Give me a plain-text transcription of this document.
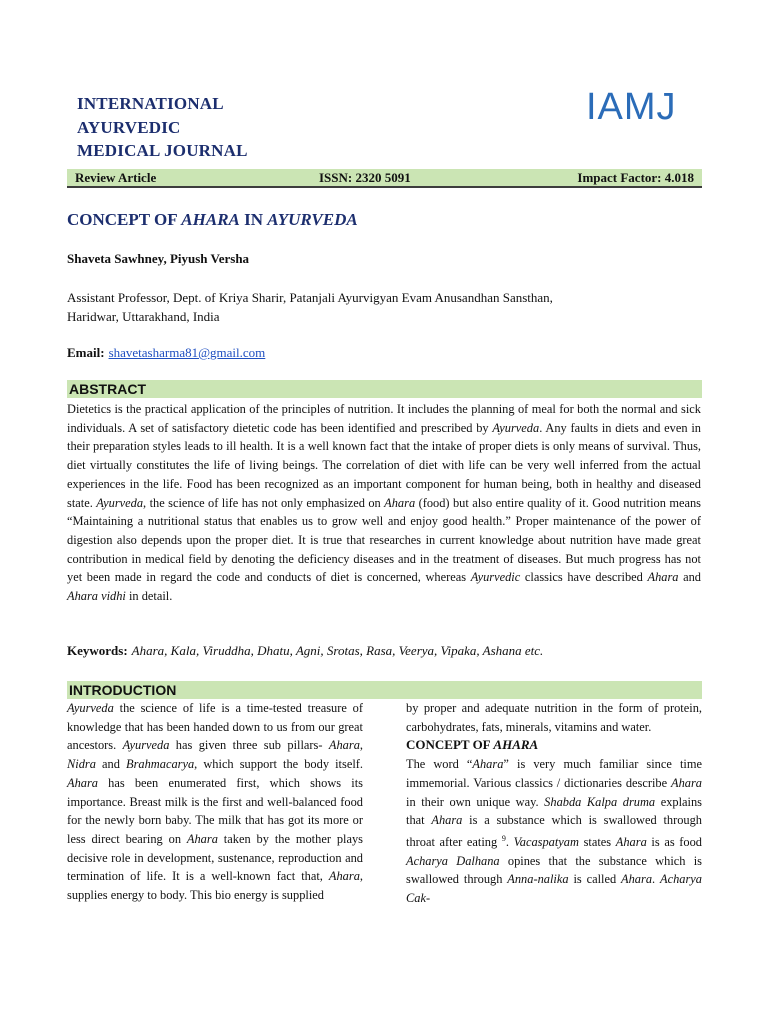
INTERNATIONAL
AYURVEDIC
MEDICAL JOURNAL
IAMJ
Review Article	ISSN: 2320 5091	Impact Factor: 4.018
CONCEPT OF AHARA IN AYURVEDA
Shaveta Sawhney, Piyush Versha
Assistant Professor, Dept. of Kriya Sharir, Patanjali Ayurvigyan Evam Anusandhan Sansthan,
Haridwar, Uttarakhand, India
Email: shavetasharma81@gmail.com
ABSTRACT
Dietetics is the practical application of the principles of nutrition. It includes the planning of meal for both the normal and sick individuals. A set of satisfactory dietetic code has been identified and prescribed by Ayurveda. Any faults in diets and even in their preparation styles leads to ill health. It is a well known fact that the intake of proper diets is only means of survival. Thus, diet virtually constitutes the life of living beings. The correlation of diet with life can be very well inferred from the actual experiences in the life. Food has been recognized as an important component for human being, both in healthy and diseased state. Ayurveda, the science of life has not only emphasized on Ahara (food) but also entire quality of it. Good nutrition means “Maintaining a nutritional status that enables us to grow well and enjoy good health.” Proper maintenance of the power of digestion also depends upon the proper diet. It is true that researches in current knowledge about nutrition have made great contribution in medical field by denoting the deficiency diseases and in the treatment of diseases. But much progress has not yet been made in regard the code and conducts of diet is concerned, whereas Ayurvedic classics have described Ahara and Ahara vidhi in detail.
Keywords: Ahara, Kala, Viruddha, Dhatu, Agni, Srotas, Rasa, Veerya, Vipaka, Ashana etc.
INTRODUCTION
Ayurveda the science of life is a time-tested treasure of knowledge that has been handed down to us from our great ancestors. Ayurveda has given three sub pillars- Ahara, Nidra and Brahmacarya, which support the body itself. Ahara has been enumerated first, which shows its importance. Breast milk is the first and well-balanced food for the newly born baby. The milk that has got its more or less direct bearing on Ahara taken by the mother plays decisive role in development, sustenance, reproduction and termination of life. It is a well-known fact that, Ahara, supplies energy to body. This bio energy is supplied

by proper and adequate nutrition in the form of protein, carbohydrates, fats, minerals, vitamins and water.

CONCEPT OF AHARA

The word “Ahara” is very much familiar since time immemorial. Various classics / dictionaries describe Ahara in their own unique way. Shabda Kalpa druma explains that Ahara is a substance which is swallowed through throat after eating $^9$. Vacaspatyam states Ahara is as food Acharya Dalhana opines that the substance which is swallowed through Anna-nalika is called Ahara. Acharya Cak-
